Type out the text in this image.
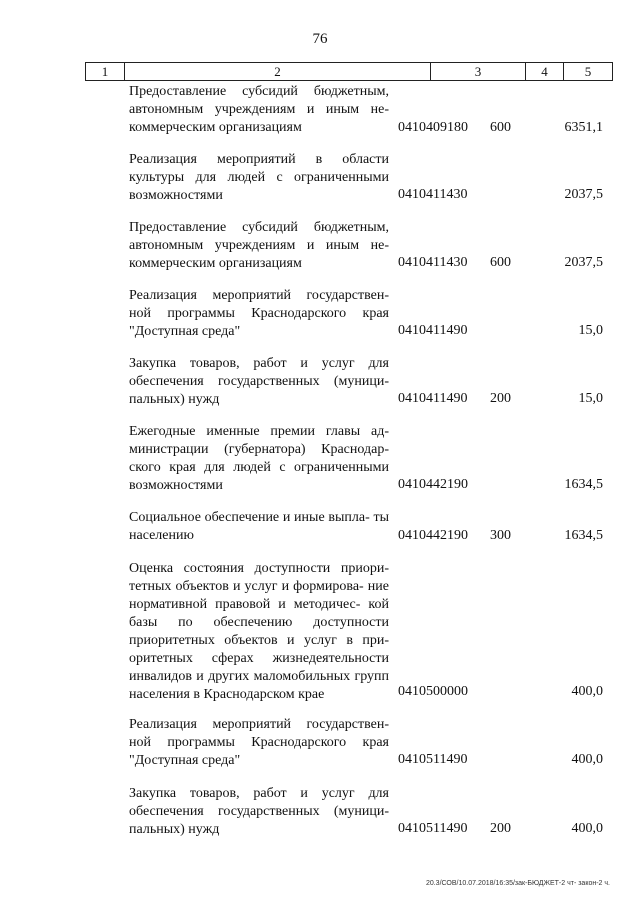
76
1	2	3	4	5
Предоставление субсидий бюджетным, автономным учреждениям и иным не- коммерческим организациям	0410409180 600	6351,1
Реализация мероприятий в области культуры для людей с ограниченными возможностями	0410411430	2037,5
Предоставление субсидий бюджетным, автономным учреждениям и иным не- коммерческим организациям	0410411430 600	2037,5
Реализация мероприятий государствен- ной программы Краснодарского края "Доступная среда"	0410411490	15,0
Закупка товаров, работ и услуг для обеспечения государственных (муници- пальных) нужд	0410411490 200	15,0
Ежегодные именные премии главы ад- министрации (губернатора) Краснодар- ского края для людей с ограниченными возможностями	0410442190	1634,5
Социальное обеспечение и иные выпла- ты населению	0410442190 300	1634,5
Оценка состояния доступности приори- тетных объектов и услуг и формирова- ние нормативной правовой и методичес- кой базы по обеспечению доступности приоритетных объектов и услуг в при- оритетных сферах жизнедеятельности инвалидов и других маломобильных групп населения в Краснодарском крае	0410500000	400,0
Реализация мероприятий государствен- ной программы Краснодарского края "Доступная среда"	0410511490	400,0
Закупка товаров, работ и услуг для обеспечения государственных (муници- пальных) нужд	0410511490 200	400,0
20.3/СОВ/10.07.2018/16:35/зак-БЮДЖЕТ-2 чт- закон-2 ч.
